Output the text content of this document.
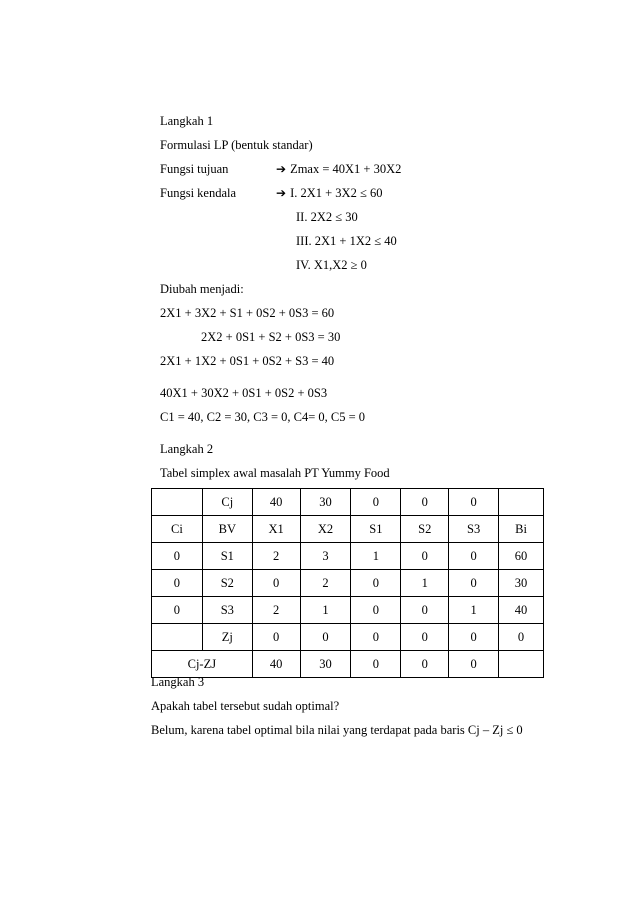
Langkah 1
Formulasi LP (bentuk standar)
Fungsi tujuan	➔ Zmax = 40X1 + 30X2
Fungsi kendala	➔ I. 2X1 + 3X2 ≤ 60
II. 2X2 ≤ 30
III. 2X1 + 1X2 ≤ 40
IV. X1,X2 ≥ 0
Diubah menjadi:
2X1 + 3X2 + S1 + 0S2 + 0S3 = 60
2X2 + 0S1 + S2 + 0S3 = 30
2X1 + 1X2 + 0S1 + 0S2 + S3 = 40
40X1 + 30X2 + 0S1 + 0S2 + 0S3
C1 = 40, C2 = 30, C3 = 0, C4= 0, C5 = 0
Langkah 2
Tabel simplex awal masalah PT Yummy Food
	Cj	40	30	0	0	0	
Ci	BV	X1	X2	S1	S2	S3	Bi
0	S1	2	3	1	0	0	60
0	S2	0	2	0	1	0	30
0	S3	2	1	0	0	1	40
	Zj	0	0	0	0	0	0
Cj-ZJ		40	30	0	0	0	
Langkah 3
Apakah tabel tersebut sudah optimal?
Belum, karena tabel optimal bila nilai yang terdapat pada baris Cj – Zj ≤ 0
